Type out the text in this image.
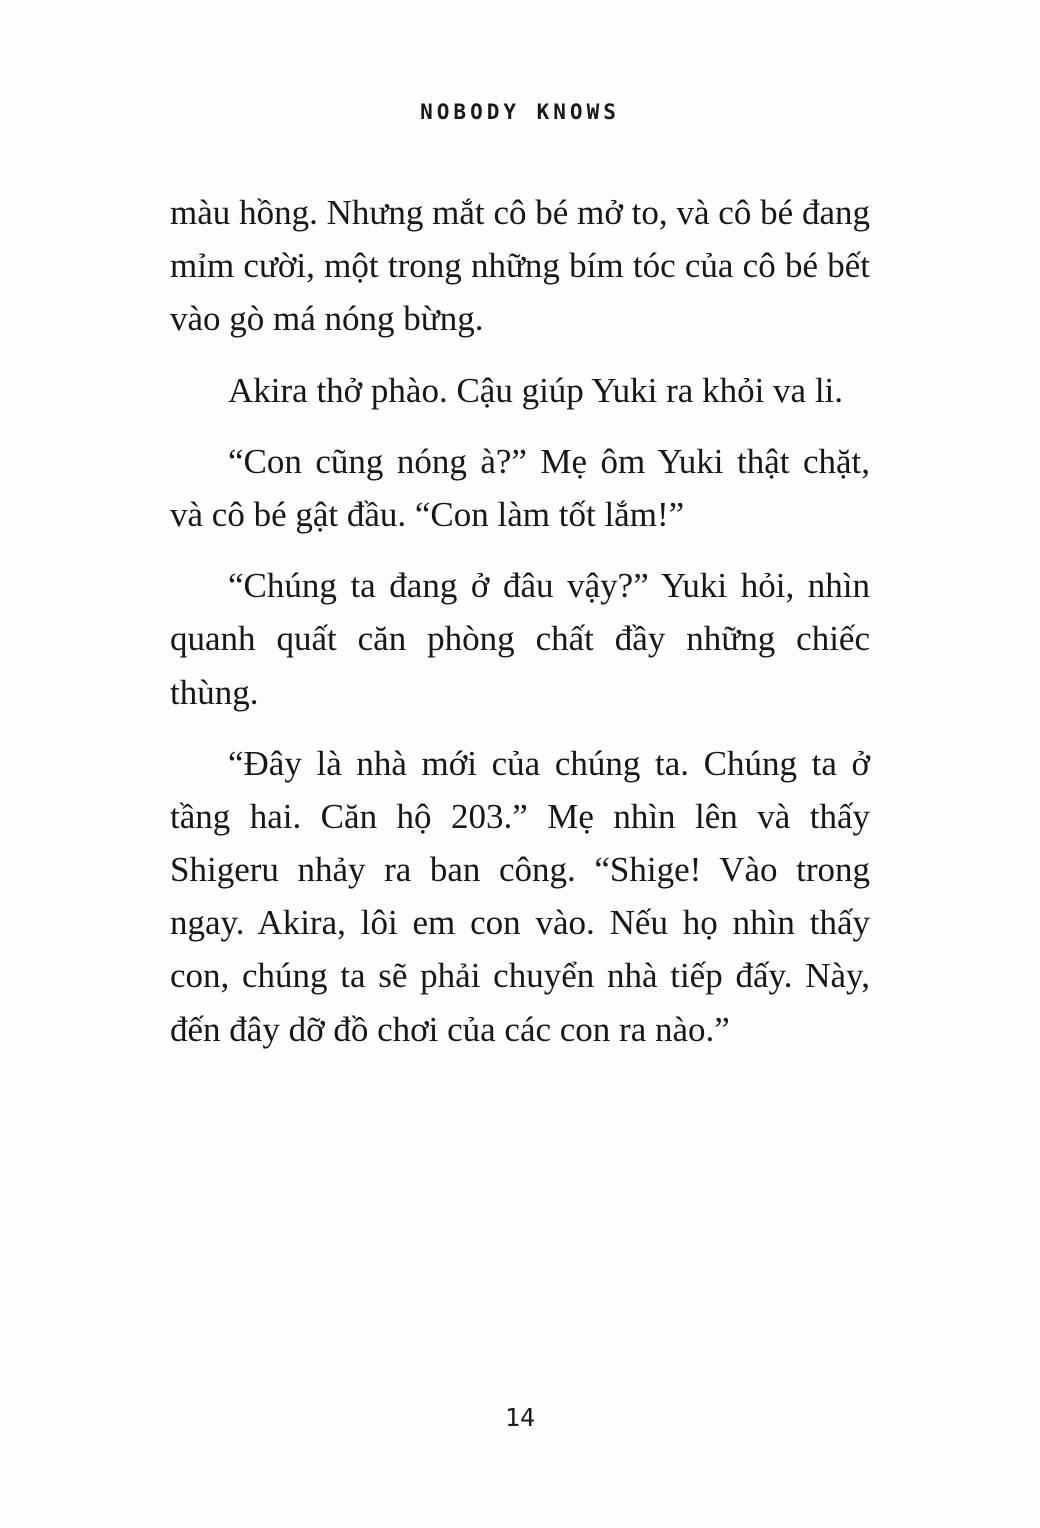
NOBODY KNOWS

màu hồng. Nhưng mắt cô bé mở to, và cô bé đang mỉm cười, một trong những bím tóc của cô bé bết vào gò má nóng bừng.

Akira thở phào. Cậu giúp Yuki ra khỏi va li.

“Con cũng nóng à?” Mẹ ôm Yuki thật chặt, và cô bé gật đầu. “Con làm tốt lắm!”

“Chúng ta đang ở đâu vậy?” Yuki hỏi, nhìn quanh quất căn phòng chất đầy những chiếc thùng.

“Đây là nhà mới của chúng ta. Chúng ta ở tầng hai. Căn hộ 203.” Mẹ nhìn lên và thấy Shigeru nhảy ra ban công. “Shige! Vào trong ngay. Akira, lôi em con vào. Nếu họ nhìn thấy con, chúng ta sẽ phải chuyển nhà tiếp đấy. Này, đến đây dỡ đồ chơi của các con ra nào.”

14
